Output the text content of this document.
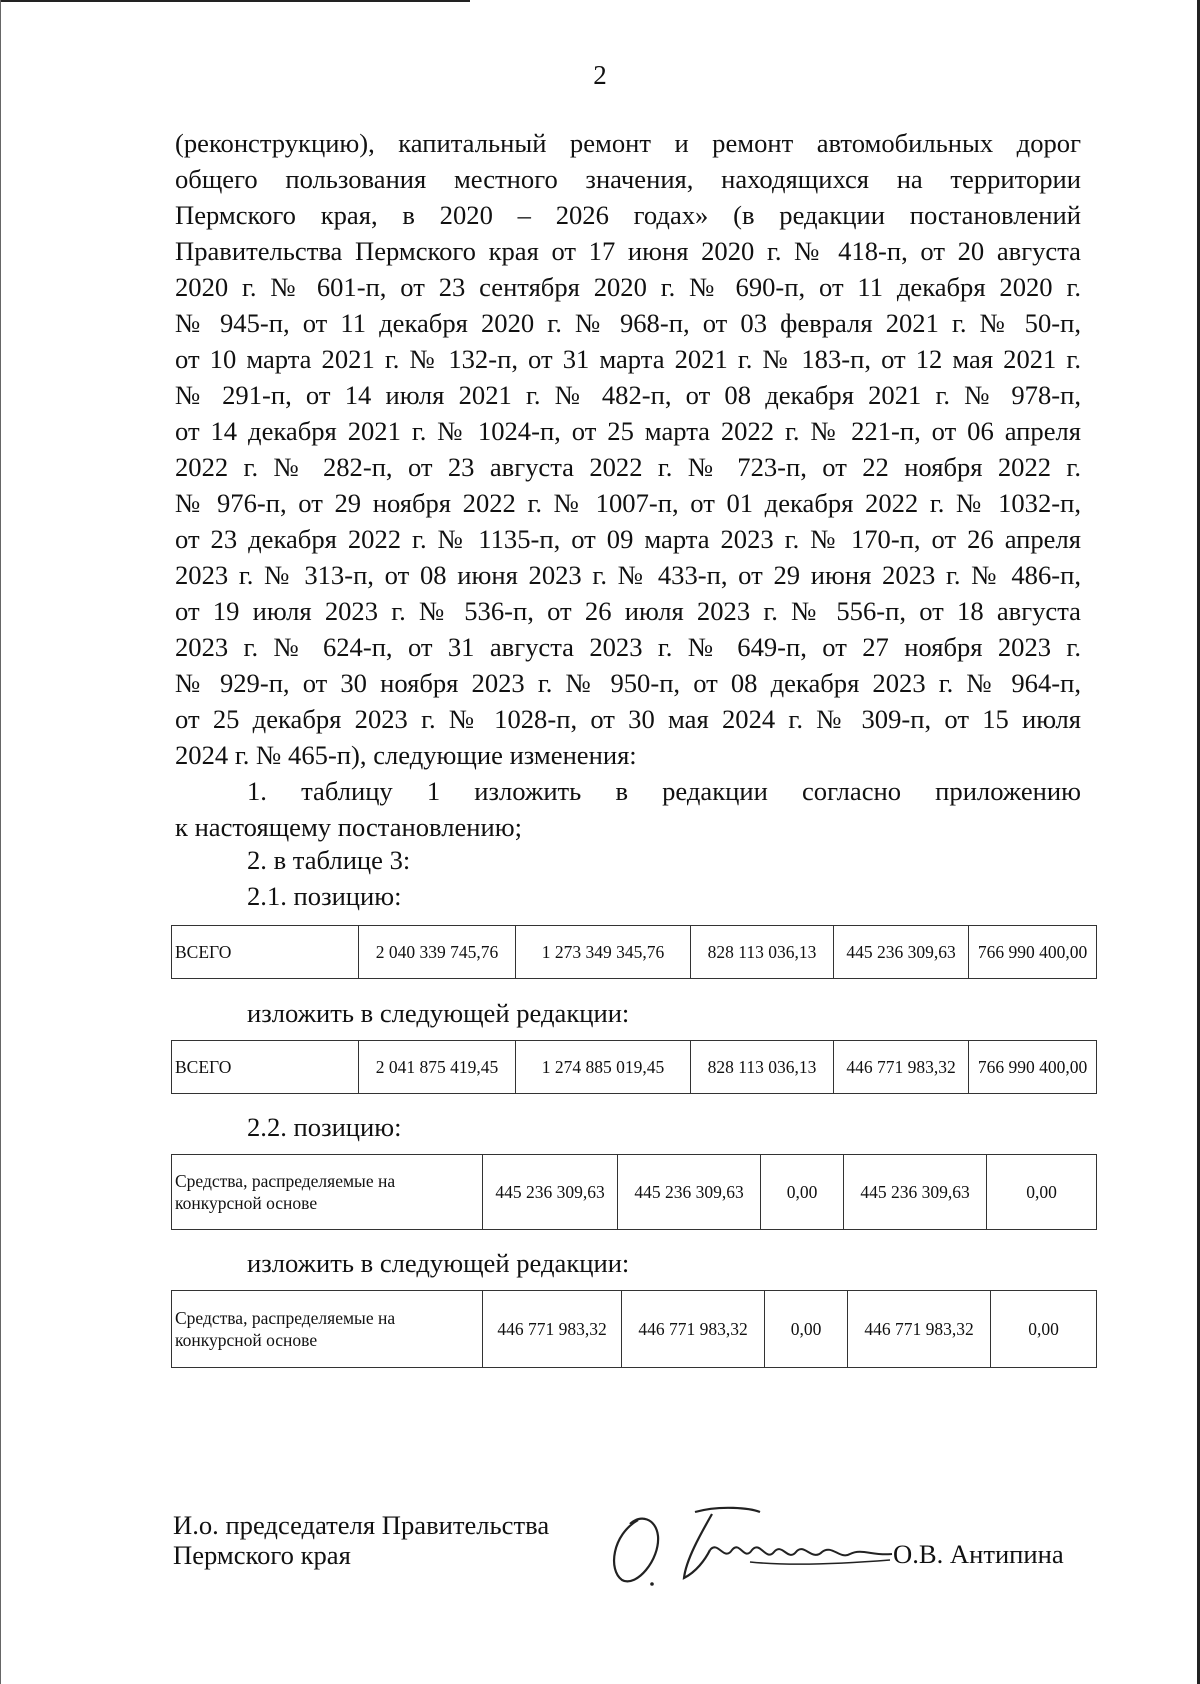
2
(реконструкцию), капитальный ремонт и ремонт автомобильных дорог
общего пользования местного значения, находящихся на территории
Пермского края, в 2020 – 2026 годах» (в редакции постановлений
Правительства Пермского края от 17 июня 2020 г. № 418-п, от 20 августа
2020 г. № 601-п, от 23 сентября 2020 г. № 690-п, от 11 декабря 2020 г.
№ 945-п, от 11 декабря 2020 г. № 968-п, от 03 февраля 2021 г. № 50-п,
от 10 марта 2021 г. № 132-п, от 31 марта 2021 г. № 183-п, от 12 мая 2021 г.
№ 291-п, от 14 июля 2021 г. № 482-п, от 08 декабря 2021 г. № 978-п,
от 14 декабря 2021 г. № 1024-п, от 25 марта 2022 г. № 221-п, от 06 апреля
2022 г. № 282-п, от 23 августа 2022 г. № 723-п, от 22 ноября 2022 г.
№ 976-п, от 29 ноября 2022 г. № 1007-п, от 01 декабря 2022 г. № 1032-п,
от 23 декабря 2022 г. № 1135-п, от 09 марта 2023 г. № 170-п, от 26 апреля
2023 г. № 313-п, от 08 июня 2023 г. № 433-п, от 29 июня 2023 г. № 486-п,
от 19 июля 2023 г. № 536-п, от 26 июля 2023 г. № 556-п, от 18 августа
2023 г. № 624-п, от 31 августа 2023 г. № 649-п, от 27 ноября 2023 г.
№ 929-п, от 30 ноября 2023 г. № 950-п, от 08 декабря 2023 г. № 964-п,
от 25 декабря 2023 г. № 1028-п, от 30 мая 2024 г. № 309-п, от 15 июля
2024 г. № 465-п), следующие изменения:
1. таблицу 1 изложить в редакции согласно приложению
к настоящему постановлению;
2. в таблице 3:
2.1. позицию:
ВСЕГО	2 040 339 745,76	1 273 349 345,76	828 113 036,13	445 236 309,63	766 990 400,00
изложить в следующей редакции:
ВСЕГО	2 041 875 419,45	1 274 885 019,45	828 113 036,13	446 771 983,32	766 990 400,00
2.2. позицию:
Средства, распределяемые на конкурсной основе	445 236 309,63	445 236 309,63	0,00	445 236 309,63	0,00
изложить в следующей редакции:
Средства, распределяемые на конкурсной основе	446 771 983,32	446 771 983,32	0,00	446 771 983,32	0,00
И.о. председателя Правительства
Пермского края	О.В. Антипина
